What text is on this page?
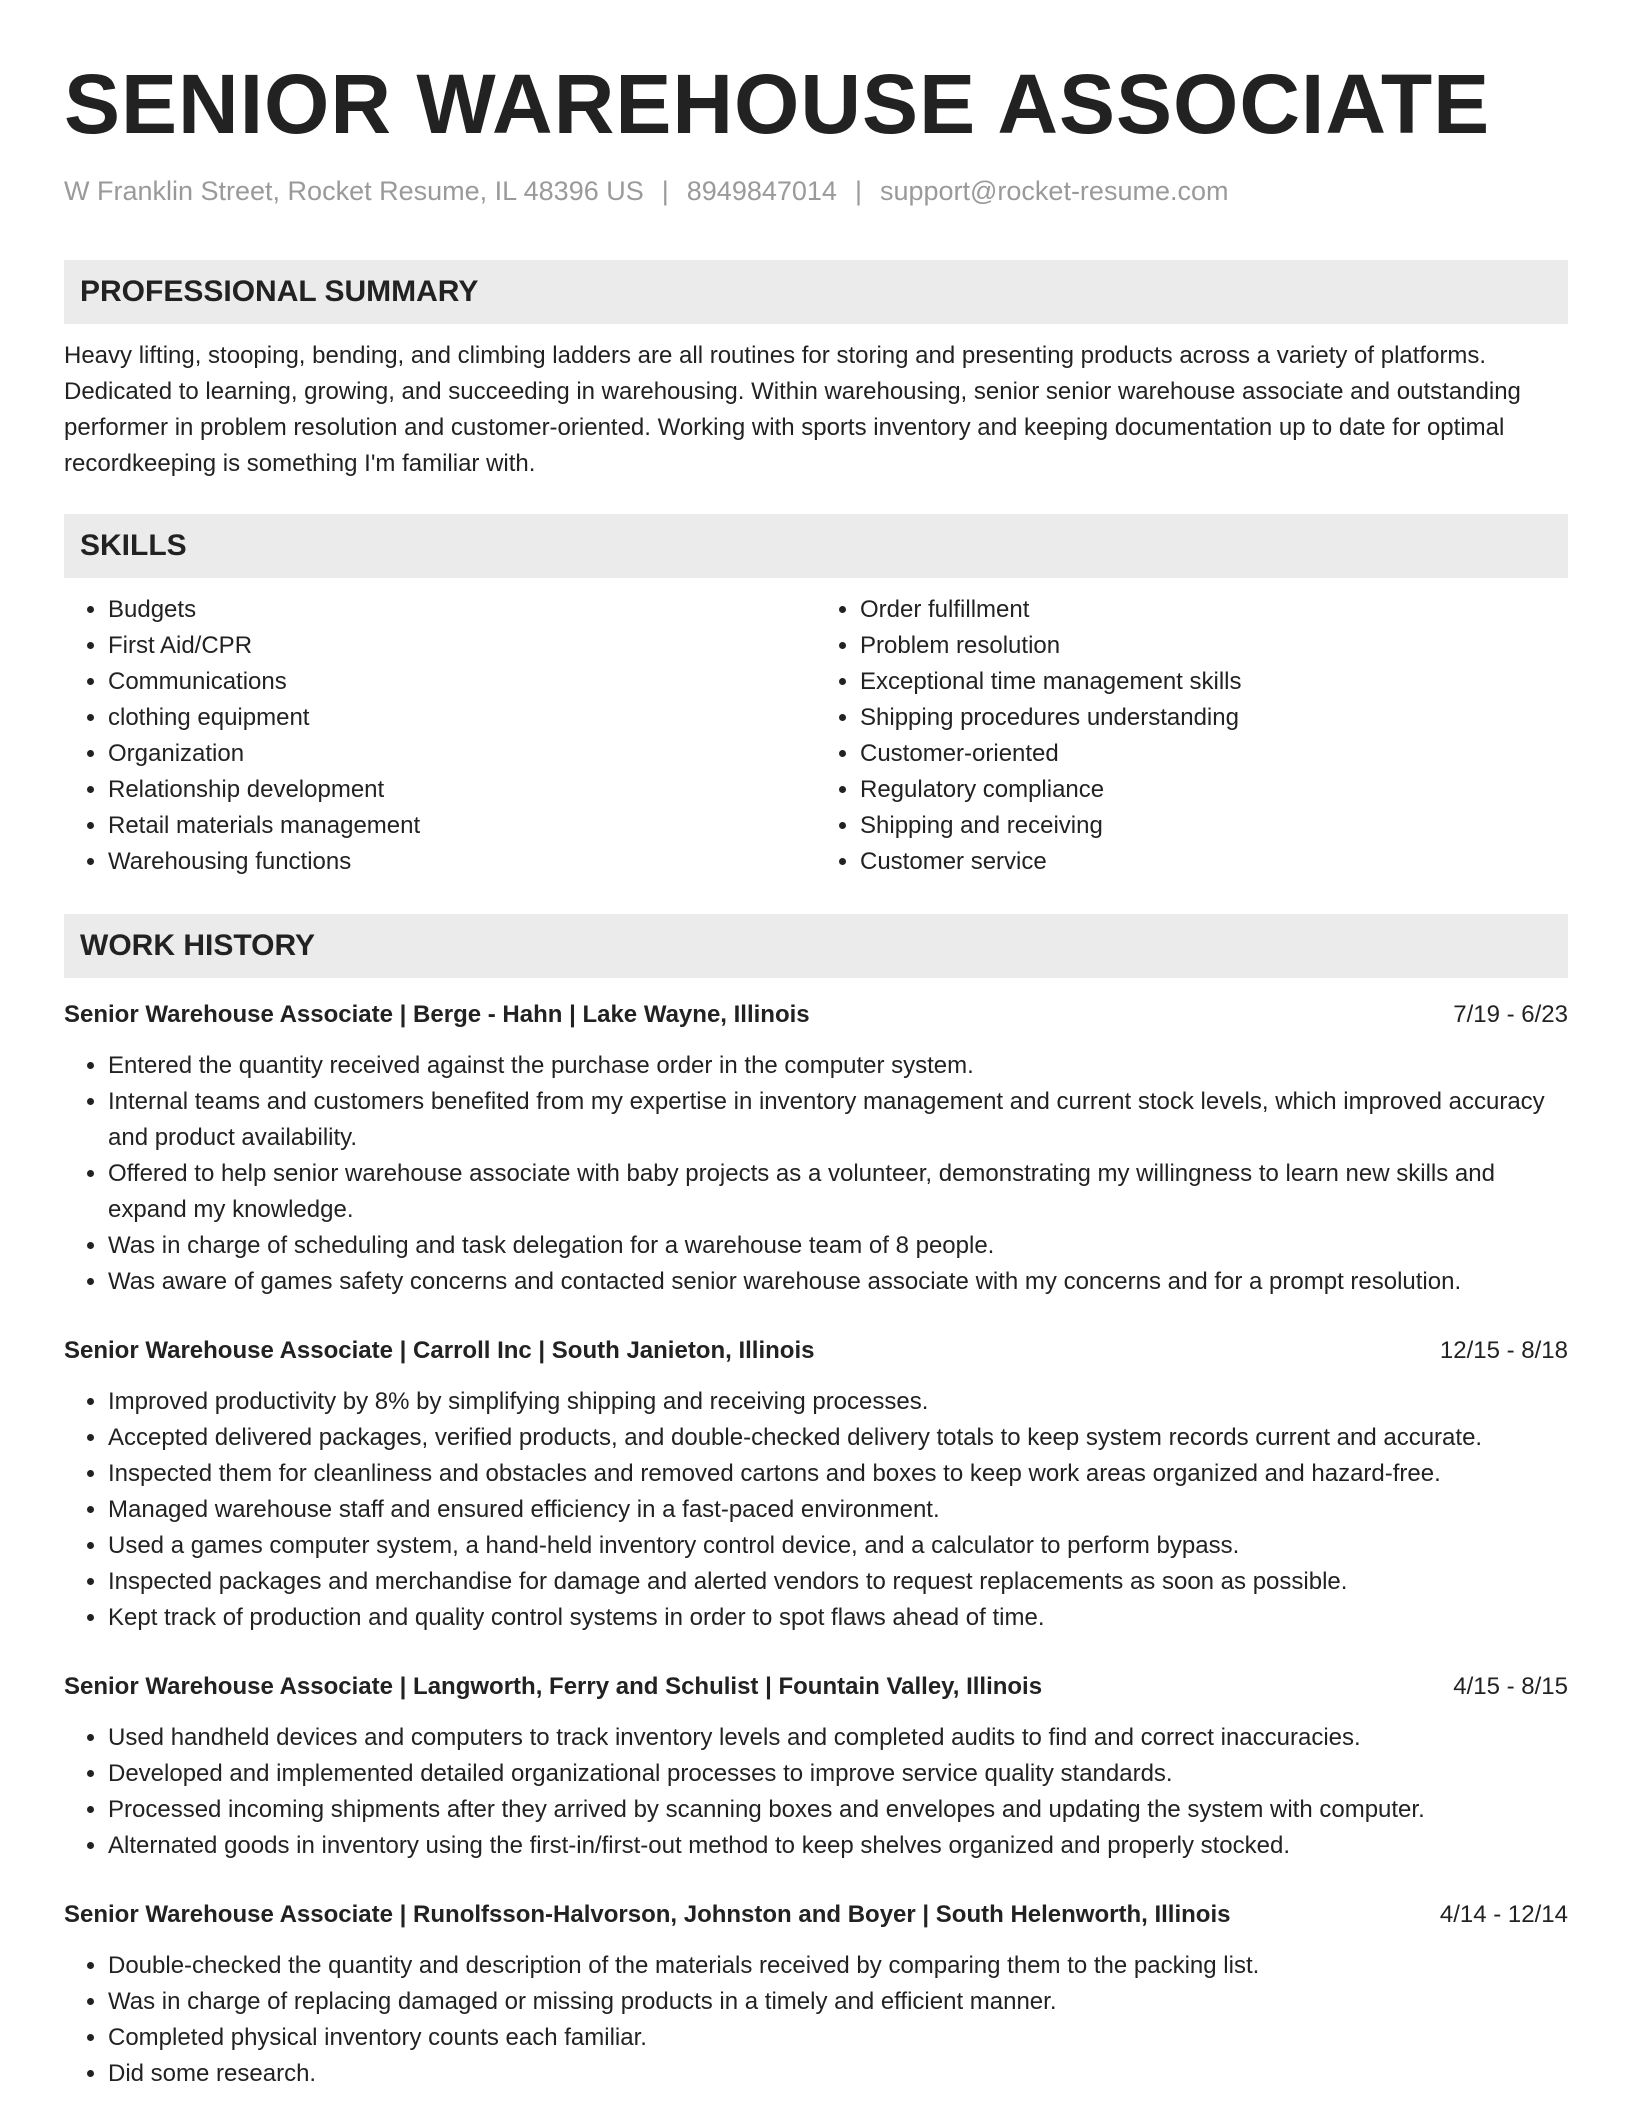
SENIOR WAREHOUSE ASSOCIATE
W Franklin Street, Rocket Resume, IL 48396 US | 8949847014 | support@rocket-resume.com
PROFESSIONAL SUMMARY
Heavy lifting, stooping, bending, and climbing ladders are all routines for storing and presenting products across a variety of platforms. Dedicated to learning, growing, and succeeding in warehousing. Within warehousing, senior senior warehouse associate and outstanding performer in problem resolution and customer-oriented. Working with sports inventory and keeping documentation up to date for optimal recordkeeping is something I'm familiar with.
SKILLS
• Budgets
• First Aid/CPR
• Communications
• clothing equipment
• Organization
• Relationship development
• Retail materials management
• Warehousing functions
• Order fulfillment
• Problem resolution
• Exceptional time management skills
• Shipping procedures understanding
• Customer-oriented
• Regulatory compliance
• Shipping and receiving
• Customer service
WORK HISTORY
Senior Warehouse Associate | Berge - Hahn | Lake Wayne, Illinois	7/19 - 6/23
• Entered the quantity received against the purchase order in the computer system.
• Internal teams and customers benefited from my expertise in inventory management and current stock levels, which improved accuracy and product availability.
• Offered to help senior warehouse associate with baby projects as a volunteer, demonstrating my willingness to learn new skills and expand my knowledge.
• Was in charge of scheduling and task delegation for a warehouse team of 8 people.
• Was aware of games safety concerns and contacted senior warehouse associate with my concerns and for a prompt resolution.
Senior Warehouse Associate | Carroll Inc | South Janieton, Illinois	12/15 - 8/18
• Improved productivity by 8% by simplifying shipping and receiving processes.
• Accepted delivered packages, verified products, and double-checked delivery totals to keep system records current and accurate.
• Inspected them for cleanliness and obstacles and removed cartons and boxes to keep work areas organized and hazard-free.
• Managed warehouse staff and ensured efficiency in a fast-paced environment.
• Used a games computer system, a hand-held inventory control device, and a calculator to perform bypass.
• Inspected packages and merchandise for damage and alerted vendors to request replacements as soon as possible.
• Kept track of production and quality control systems in order to spot flaws ahead of time.
Senior Warehouse Associate | Langworth, Ferry and Schulist | Fountain Valley, Illinois	4/15 - 8/15
• Used handheld devices and computers to track inventory levels and completed audits to find and correct inaccuracies.
• Developed and implemented detailed organizational processes to improve service quality standards.
• Processed incoming shipments after they arrived by scanning boxes and envelopes and updating the system with computer.
• Alternated goods in inventory using the first-in/first-out method to keep shelves organized and properly stocked.
Senior Warehouse Associate | Runolfsson-Halvorson, Johnston and Boyer | South Helenworth, Illinois	4/14 - 12/14
• Double-checked the quantity and description of the materials received by comparing them to the packing list.
• Was in charge of replacing damaged or missing products in a timely and efficient manner.
• Completed physical inventory counts each familiar.
• Did some research.
